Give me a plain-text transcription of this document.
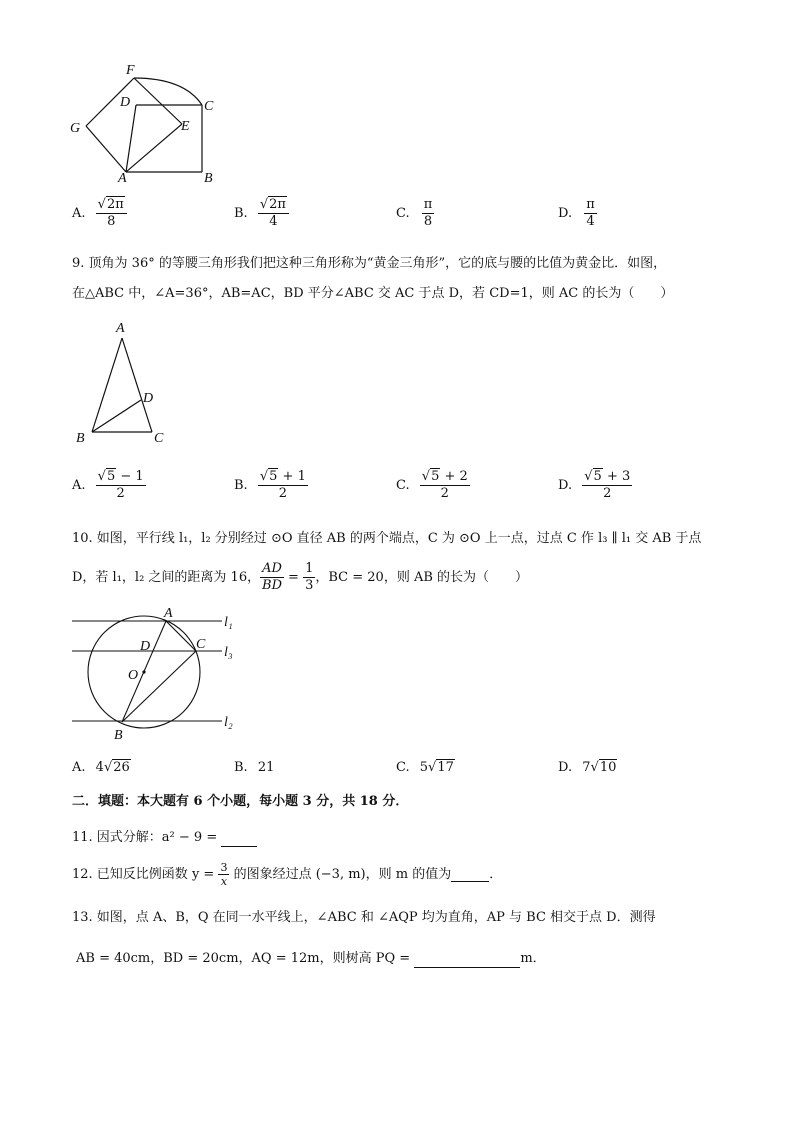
F
D	C
G	E
A	B
A. $\frac{√2\pi}{8}$	B. $\frac{√2\pi}{4}$	C. $\frac{\pi}{8}$	D. $\frac{\pi}{4}$
9. 顶角为 36° 的等腰三角形我们把这种三角形称为“黄金三角形”，它的底与腰的比值为黄金比．如图，
在△ABC 中，∠A=36°，AB=AC，BD 平分∠ABC 交 AC 于点 D，若 CD=1，则 AC 的长为（　　）
A
D
B	C
A. $\frac{√5 - 1}{2}$	B. $\frac{√5 + 1}{2}$	C. $\frac{√5 + 2}{2}$	D. $\frac{√5 + 3}{2}$
10. 如图，平行线 l₁，l₂ 分别经过 ⊙O 直径 AB 的两个端点，C 为 ⊙O 上一点，过点 C 作 l₃ ∥ l₁ 交 AB 于点
D，若 l₁，l₂ 之间的距离为 16， $\frac{AD}{BD} = \frac{1}{3}$ ，BC = 20，则 AB 的长为（　　）
A
D	C
O
B
l₁
l₃
l₂
A. 4√26	B. 21	C. 5√17	D. 7√10
二．填题：本大题有 6 个小题，每小题 3 分，共 18 分．
11. 因式分解：a² − 9 =
12. 已知反比例函数 $y = \frac{3}{x}$ 的图象经过点 (−3, m)，则 m 的值为	．
13. 如图，点 A、B，Q 在同一水平线上，∠ABC 和 ∠AQP 均为直角，AP 与 BC 相交于点 D．测得
AB = 40cm，BD = 20cm，AQ = 12m，则树高 PQ =	m．
